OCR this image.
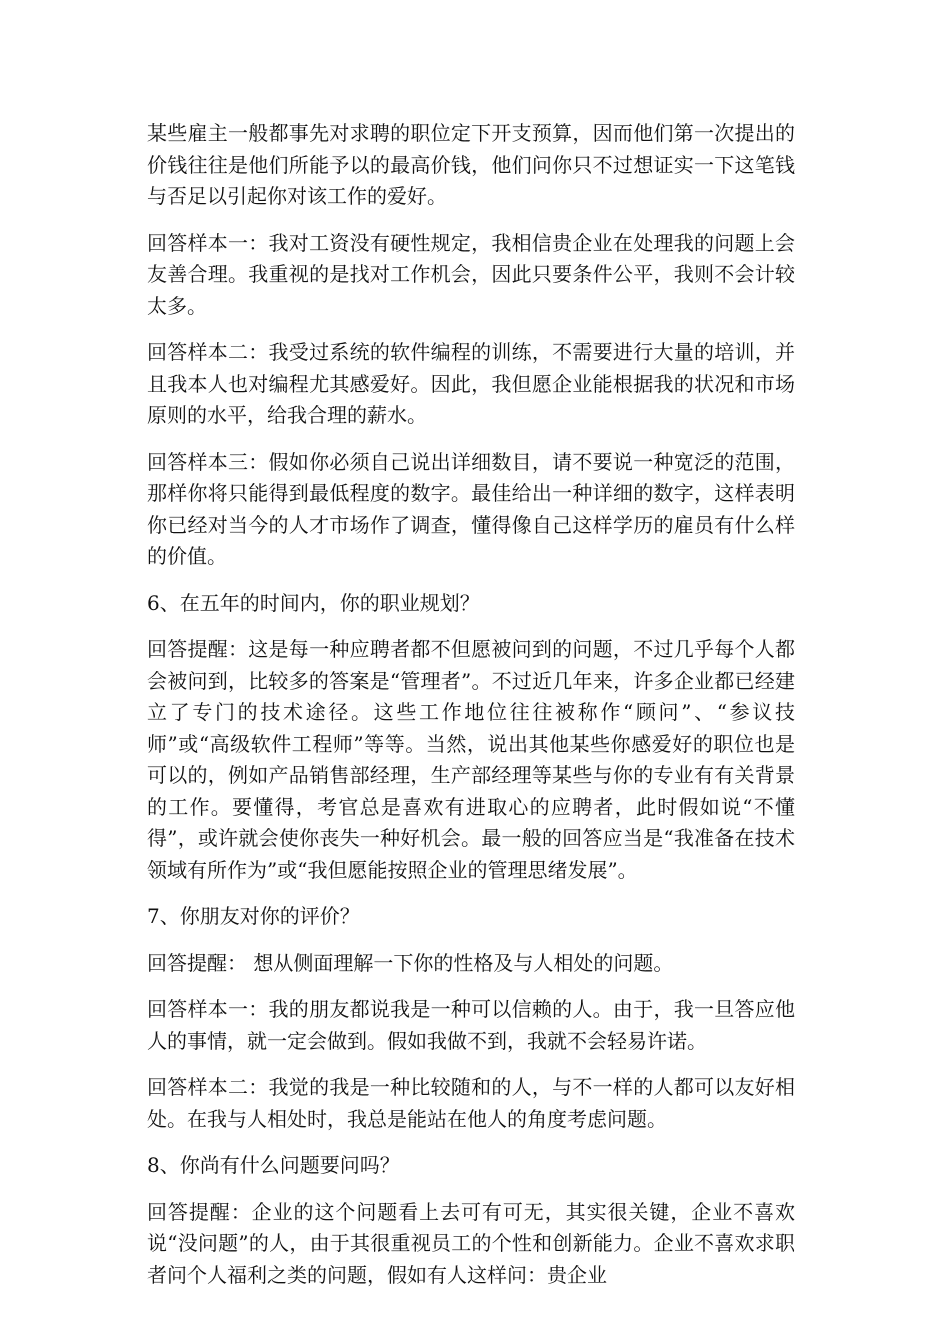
某些雇主一般都事先对求聘的职位定下开支预算，因而他们第一次提出的价钱往往是他们所能予以的最高价钱，他们问你只不过想证实一下这笔钱与否足以引起你对该工作的爱好。

回答样本一：我对工资没有硬性规定，我相信贵企业在处理我的问题上会友善合理。我重视的是找对工作机会，因此只要条件公平，我则不会计较太多。

回答样本二：我受过系统的软件编程的训练，不需要进行大量的培训，并且我本人也对编程尤其感爱好。因此，我但愿企业能根据我的状况和市场原则的水平，给我合理的薪水。

回答样本三：假如你必须自己说出详细数目，请不要说一种宽泛的范围，那样你将只能得到最低程度的数字。最佳给出一种详细的数字，这样表明你已经对当今的人才市场作了调查，懂得像自己这样学历的雇员有什么样的价值。

6、在五年的时间内，你的职业规划？

回答提醒：这是每一种应聘者都不但愿被问到的问题，不过几乎每个人都会被问到，比较多的答案是“管理者”。不过近几年来，许多企业都已经建立了专门的技术途径。这些工作地位往往被称作“顾问”、“参议技师”或“高级软件工程师”等等。当然，说出其他某些你感爱好的职位也是可以的，例如产品销售部经理，生产部经理等某些与你的专业有有关背景的工作。要懂得，考官总是喜欢有进取心的应聘者，此时假如说“不懂得”，或许就会使你丧失一种好机会。最一般的回答应当是“我准备在技术领域有所作为”或“我但愿能按照企业的管理思绪发展”。

7、你朋友对你的评价？

回答提醒： 想从侧面理解一下你的性格及与人相处的问题。

回答样本一：我的朋友都说我是一种可以信赖的人。由于，我一旦答应他人的事情，就一定会做到。假如我做不到，我就不会轻易许诺。

回答样本二：我觉的我是一种比较随和的人，与不一样的人都可以友好相处。在我与人相处时，我总是能站在他人的角度考虑问题。

8、你尚有什么问题要问吗？

回答提醒：企业的这个问题看上去可有可无，其实很关键，企业不喜欢说“没问题”的人，由于其很重视员工的个性和创新能力。企业不喜欢求职者问个人福利之类的问题，假如有人这样问：贵企业
